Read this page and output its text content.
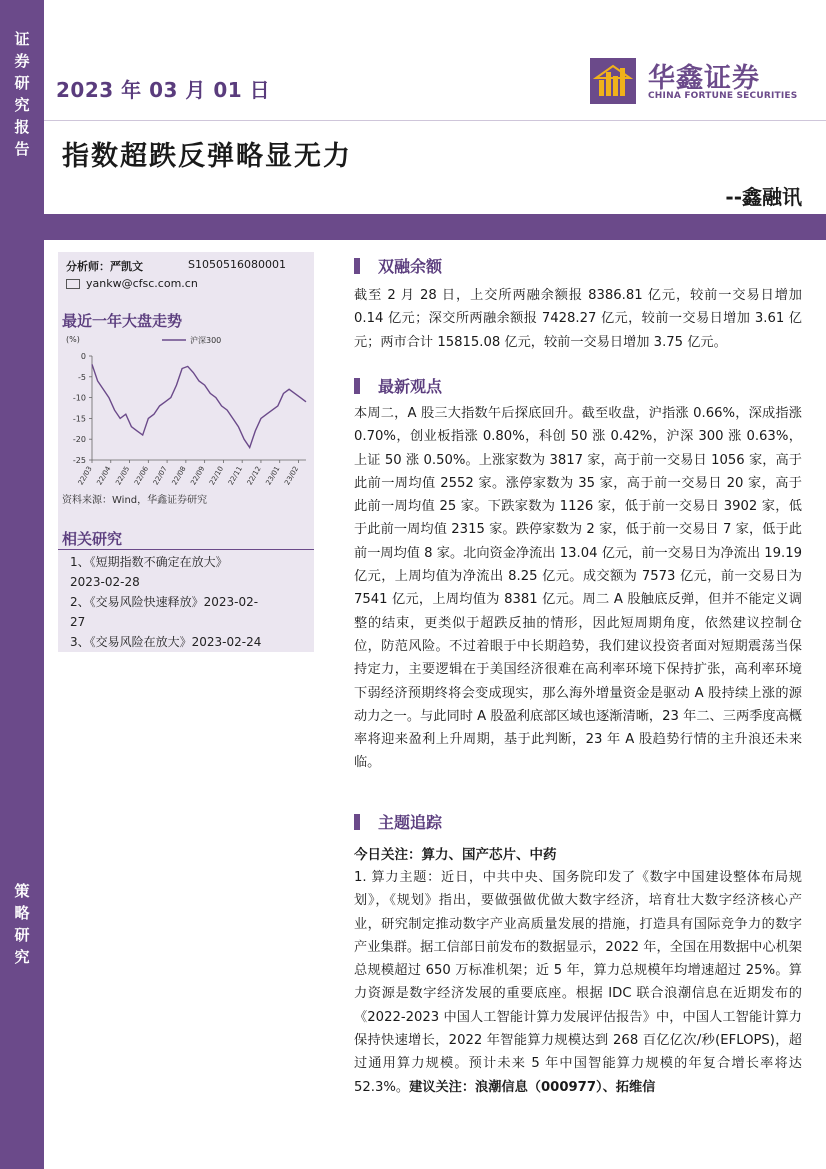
证
券
研
究
报
告
策
略
研
究
2023 年 03 月 01 日	华鑫证券
CHINA FORTUNE SECURITIES
指数超跌反弹略显无力
--鑫融讯
分析师：严凯文	S1050516080001
yankw@cfsc.com.cn
最近一年大盘走势
(%)
0
-5
-10
-15
-20
-25
22/03 22/04 22/05 22/06 22/07 22/08 22/09 22/10 22/11 22/12 23/01 23/02
沪深300
资料来源：Wind，华鑫证券研究
相关研究
1、《短期指数不确定在放大》
2023-02-28
2、《交易风险快速释放》2023-02-
27
3、《交易风险在放大》2023-02-24
双融余额
截至 2 月 28 日，上交所两融余额报 8386.81 亿元，较前一交易日增加 0.14 亿元；深交所两融余额报 7428.27 亿元，较前一交易日增加 3.61 亿元；两市合计 15815.08 亿元，较前一交易日增加 3.75 亿元。
最新观点
本周二，A 股三大指数午后探底回升。截至收盘，沪指涨 0.66%，深成指涨 0.70%，创业板指涨 0.80%，科创 50 涨 0.42%，沪深 300 涨 0.63%，上证 50 涨 0.50%。上涨家数为 3817 家，高于前一交易日 1056 家，高于此前一周均值 2552 家。涨停家数为 35 家，高于前一交易日 20 家，高于此前一周均值 25 家。下跌家数为 1126 家，低于前一交易日 3902 家，低于此前一周均值 2315 家。跌停家数为 2 家，低于前一交易日 7 家，低于此前一周均值 8 家。北向资金净流出 13.04 亿元，前一交易日为净流出 19.19 亿元，上周均值为净流出 8.25 亿元。成交额为 7573 亿元，前一交易日为 7541 亿元，上周均值为 8381 亿元。周二 A 股触底反弹，但并不能定义调整的结束，更类似于超跌反抽的情形，因此短周期角度，依然建议控制仓位，防范风险。不过着眼于中长期趋势，我们建议投资者面对短期震荡当保持定力，主要逻辑在于美国经济很难在高利率环境下保持扩张，高利率环境下弱经济预期终将会变成现实，那么海外增量资金是驱动 A 股持续上涨的源动力之一。与此同时 A 股盈利底部区域也逐渐清晰，23 年二、三两季度高概率将迎来盈利上升周期，基于此判断，23 年 A 股趋势行情的主升浪还未来临。
主题追踪
今日关注：算力、国产芯片、中药
1. 算力主题：近日，中共中央、国务院印发了《数字中国建设整体布局规划》，《规划》指出，要做强做优做大数字经济，培育壮大数字经济核心产业，研究制定推动数字产业高质量发展的措施，打造具有国际竞争力的数字产业集群。据工信部日前发布的数据显示，2022 年，全国在用数据中心机架总规模超过 650 万标准机架；近 5 年，算力总规模年均增速超过 25%。算力资源是数字经济发展的重要底座。根据 IDC 联合浪潮信息在近期发布的《2022-2023 中国人工智能计算力发展评估报告》中，中国人工智能计算力保持快速增长，2022 年智能算力规模达到 268 百亿亿次/秒(EFLOPS)，超过通用算力规模。预计未来 5 年中国智能算力规模的年复合增长率将达 52.3%。建议关注：浪潮信息（000977）、拓维信
